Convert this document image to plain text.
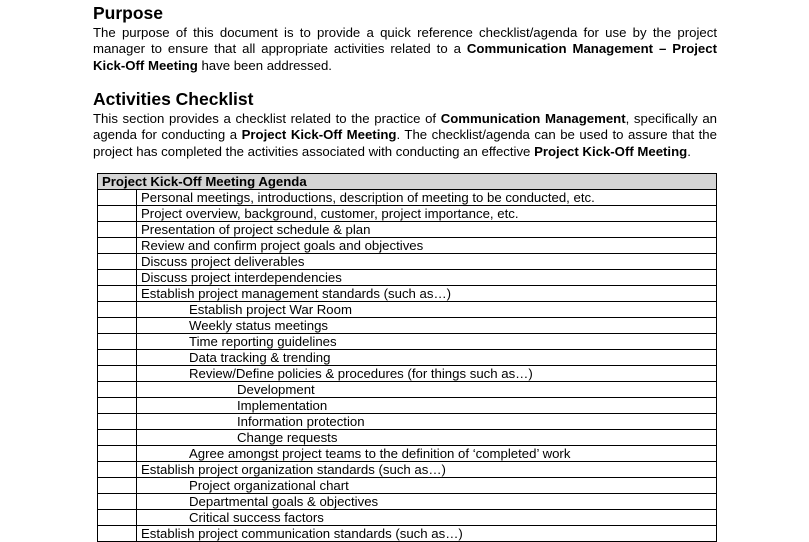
Purpose

The purpose of this document is to provide a quick reference checklist/agenda for use by the project manager to ensure that all appropriate activities related to a Communication Management – Project Kick-Off Meeting have been addressed.

Activities Checklist

This section provides a checklist related to the practice of Communication Management, specifically an agenda for conducting a Project Kick-Off Meeting. The checklist/agenda can be used to assure that the project has completed the activities associated with conducting an effective Project Kick-Off Meeting.

Project Kick-Off Meeting Agenda	
	Personal meetings, introductions, description of meeting to be conducted, etc.
	Project overview, background, customer, project importance, etc.
	Presentation of project schedule & plan
	Review and confirm project goals and objectives
	Discuss project deliverables
	Discuss project interdependencies
	Establish project management standards (such as…)
	Establish project War Room
	Weekly status meetings
	Time reporting guidelines
	Data tracking & trending
	Review/Define policies & procedures (for things such as…)
	Development
	Implementation
	Information protection
	Change requests
	Agree amongst project teams to the definition of ‘completed’ work
	Establish project organization standards (such as…)
	Project organizational chart
	Departmental goals & objectives
	Critical success factors
	Establish project communication standards (such as…)
